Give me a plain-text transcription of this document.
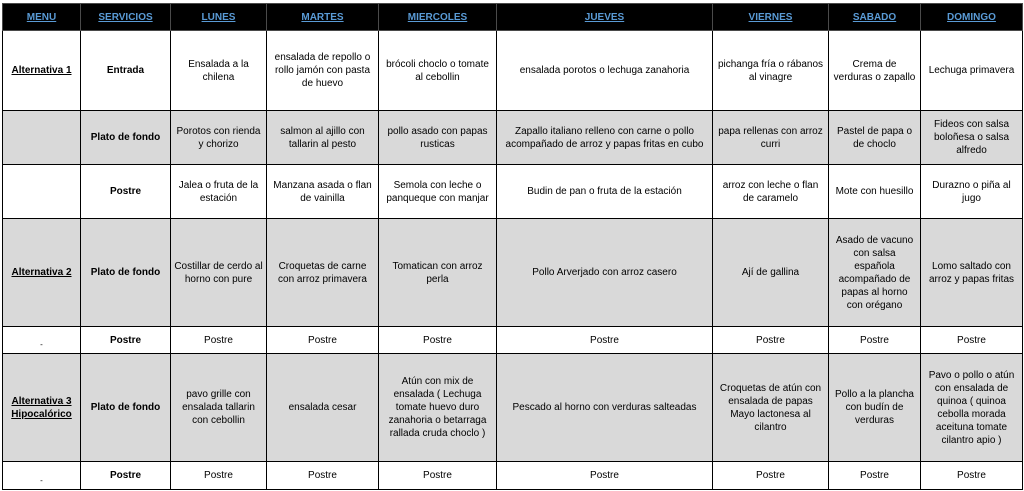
MENU	SERVICIOS	LUNES	MARTES	MIERCOLES	JUEVES	VIERNES	SABADO	DOMINGO
Alternativa 1	Entrada	Ensalada a la chilena	ensalada de repollo o rollo jamón con pasta de huevo	brócoli choclo o tomate al cebollin	ensalada porotos o lechuga zanahoria	pichanga fría o rábanos al vinagre	Crema de verduras o zapallo	Lechuga primavera
	Plato de fondo	Porotos con rienda y chorizo	salmon al ajillo con tallarin al pesto	pollo asado con papas rusticas	Zapallo italiano relleno con carne o pollo acompañado de arroz y papas fritas en cubo	papa rellenas con arroz curri	Pastel de papa o de choclo	Fideos con salsa boloñesa o salsa alfredo
	Postre	Jalea o fruta de la estación	Manzana asada o flan de vainilla	Semola con leche o panqueque con manjar	Budin de pan o fruta de la estación	arroz con leche o flan de caramelo	Mote con huesillo	Durazno o piña al jugo
Alternativa 2	Plato de fondo	Costillar de cerdo al horno con pure	Croquetas de carne con arroz primavera	Tomatican con arroz perla	Pollo Arverjado con arroz casero	Ají de gallina	Asado de vacuno con salsa española acompañado de papas al horno con orégano	Lomo saltado con arroz y papas fritas
-	Postre	Postre	Postre	Postre	Postre	Postre	Postre	Postre
Alternativa 3 Hipocalórico	Plato de fondo	pavo grille con ensalada tallarin con cebollin	ensalada cesar	Atún con mix de ensalada ( Lechuga tomate huevo duro zanahoria o betarraga rallada cruda choclo )	Pescado al horno con verduras salteadas	Croquetas de atún con ensalada de papas Mayo lactonesa al cilantro	Pollo a la plancha con budín de verduras	Pavo o pollo o atún con ensalada de quinoa ( quinoa cebolla morada aceituna tomate cilantro apio )
-	Postre	Postre	Postre	Postre	Postre	Postre	Postre	Postre
